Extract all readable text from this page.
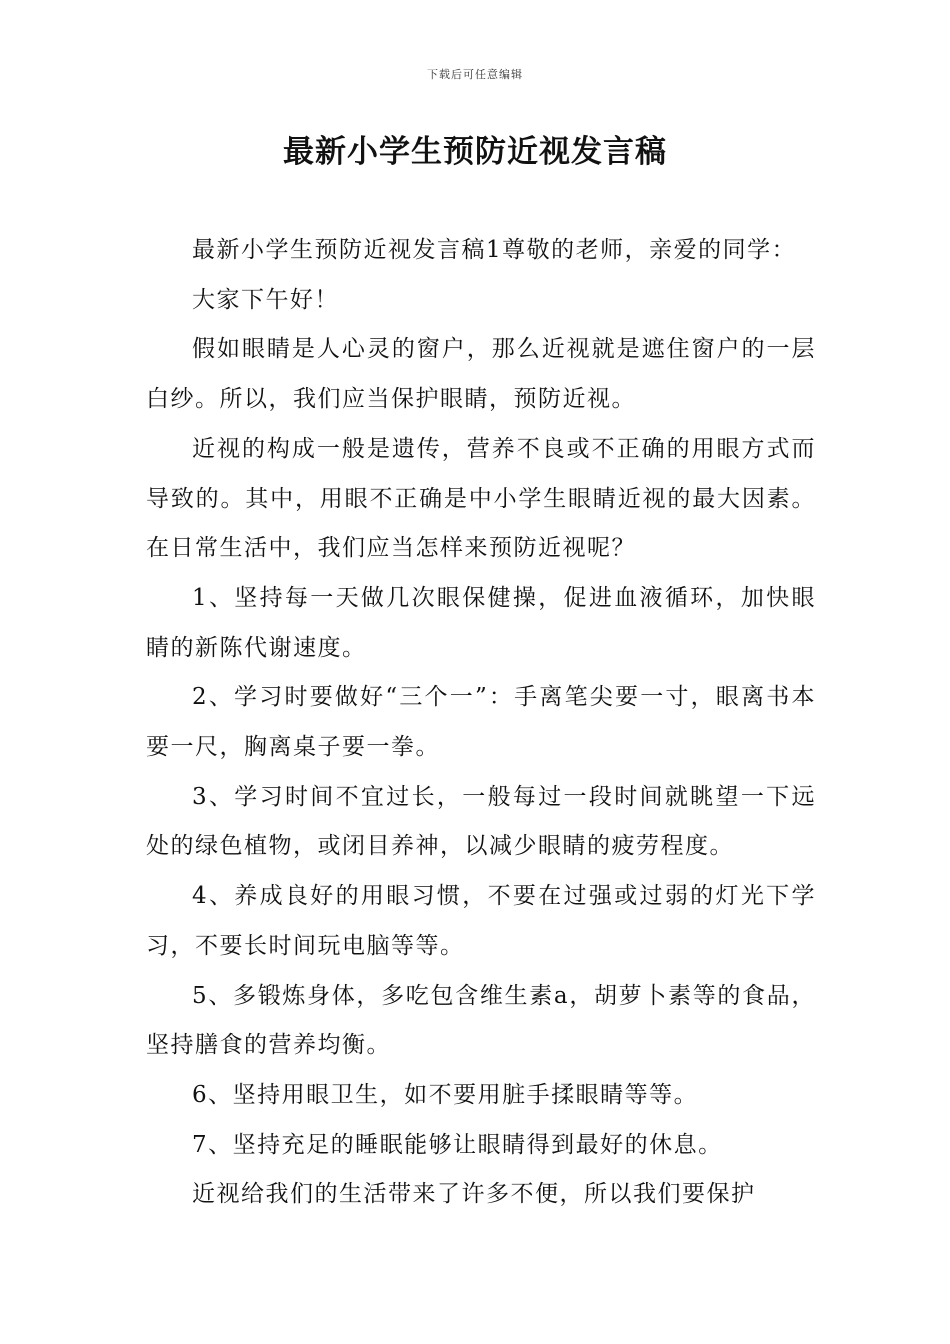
下载后可任意编辑
最新小学生预防近视发言稿

最新小学生预防近视发言稿1尊敬的老师，亲爱的同学：

大家下午好！

假如眼睛是人心灵的窗户，那么近视就是遮住窗户的一层白纱。所以，我们应当保护眼睛，预防近视。

近视的构成一般是遗传，营养不良或不正确的用眼方式而导致的。其中，用眼不正确是中小学生眼睛近视的最大因素。在日常生活中，我们应当怎样来预防近视呢？

1、坚持每一天做几次眼保健操，促进血液循环，加快眼睛的新陈代谢速度。

2、学习时要做好“三个一”：手离笔尖要一寸，眼离书本要一尺，胸离桌子要一拳。

3、学习时间不宜过长，一般每过一段时间就眺望一下远处的绿色植物，或闭目养神，以减少眼睛的疲劳程度。

4、养成良好的用眼习惯，不要在过强或过弱的灯光下学习，不要长时间玩电脑等等。

5、多锻炼身体，多吃包含维生素a，胡萝卜素等的食品，坚持膳食的营养均衡。

6、坚持用眼卫生，如不要用脏手揉眼睛等等。

7、坚持充足的睡眠能够让眼睛得到最好的休息。

近视给我们的生活带来了许多不便，所以我们要保护
